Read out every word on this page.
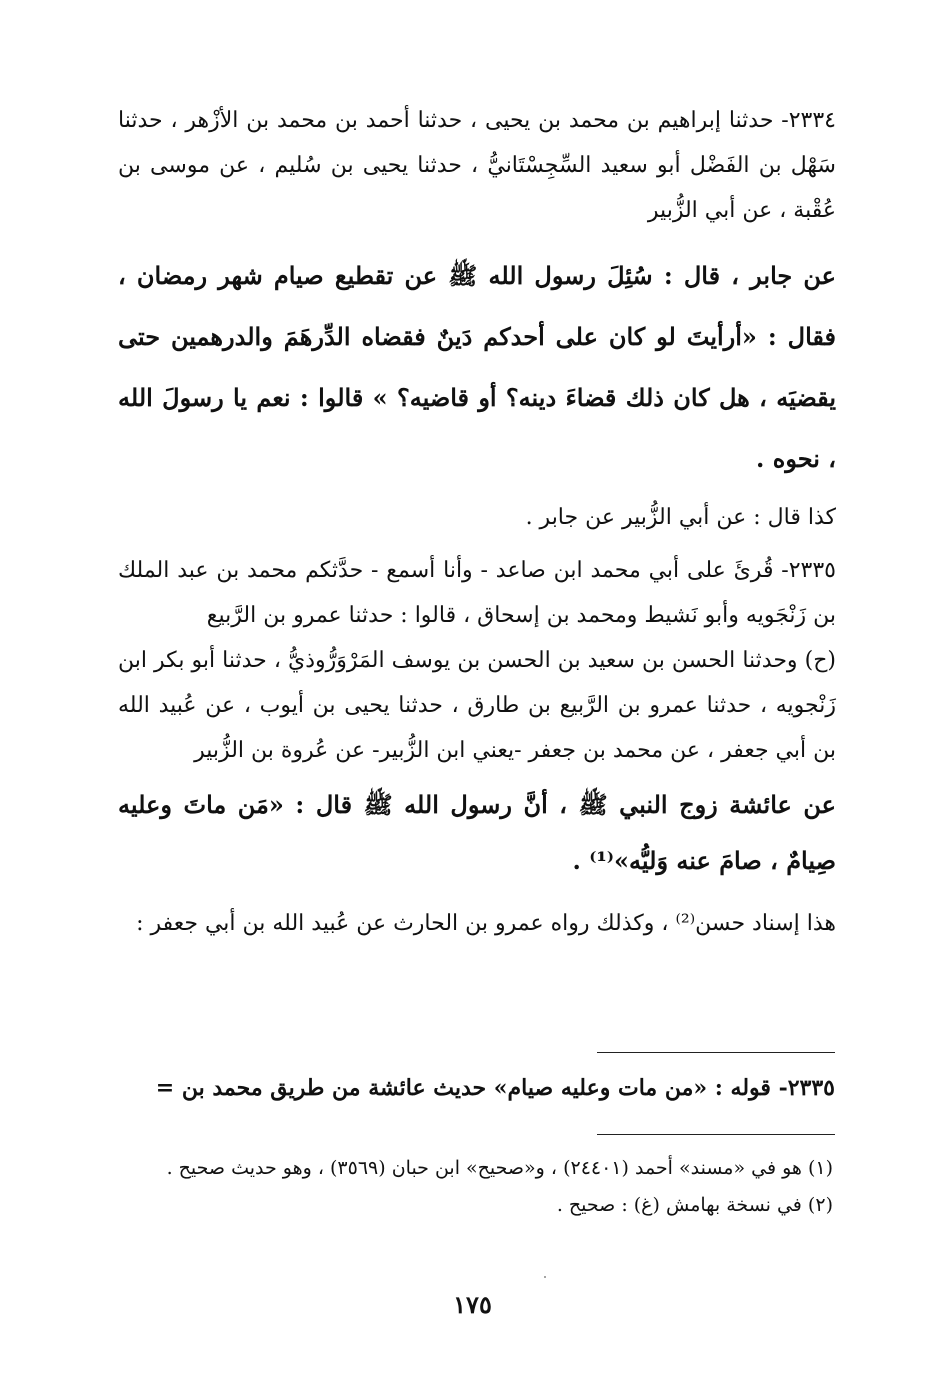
٢٣٣٤- حدثنا إبراهيم بن محمد بن يحيى ، حدثنا أحمد بن محمد بن الأزْهر ، حدثنا سَهْل بن الفَضْل أبو سعيد السِّجِسْتَانيُّ ، حدثنا يحيى بن سُليم ، عن موسى بن عُقْبة ، عن أبي الزُّبير

عن جابر ، قال : سُئِلَ رسول الله ﷺ عن تقطيع صيام شهر رمضان ، فقال : «أرأيتَ لو كان على أحدكم دَينٌ فقضاه الدِّرهَمَ والدرهمين حتى يقضيَه ، هل كان ذلك قضاءَ دينه؟ أو قاضيه؟ » قالوا : نعم يا رسولَ الله ، نحوه .

كذا قال : عن أبي الزُّبير عن جابر .

٢٣٣٥- قُرئَ على أبي محمد ابن صاعد - وأنا أسمع - حدَّثكم محمد بن عبد الملك بن زَنْجَويه وأبو نَشيط ومحمد بن إسحاق ، قالوا : حدثنا عمرو بن الرَّبيع

(ح) وحدثنا الحسن بن سعيد بن الحسن بن يوسف المَرْوَرُّوذيُّ ، حدثنا أبو بكر ابن زَنْجويه ، حدثنا عمرو بن الرَّبيع بن طارق ، حدثنا يحيى بن أيوب ، عن عُبيد الله بن أبي جعفر ، عن محمد بن جعفر -يعني ابن الزُّبير- عن عُروة بن الزُّبير

عن عائشة زوج النبي ﷺ ، أنَّ رسول الله ﷺ قال : «مَن ماتَ وعليه صِيامٌ ، صامَ عنه وَليُّه»⁽¹⁾ .

هذا إسناد حسن⁽²⁾ ، وكذلك رواه عمرو بن الحارث عن عُبيد الله بن أبي جعفر :

٢٣٣٥- قوله : «من مات وعليه صيام» حديث عائشة من طريق محمد بن =

(١) هو في «مسند» أحمد (٢٤٤٠١) ، و«صحيح» ابن حبان (٣٥٦٩) ، وهو حديث صحيح .

(٢) في نسخة بهامش (غ) : صحيح .

١٧٥
